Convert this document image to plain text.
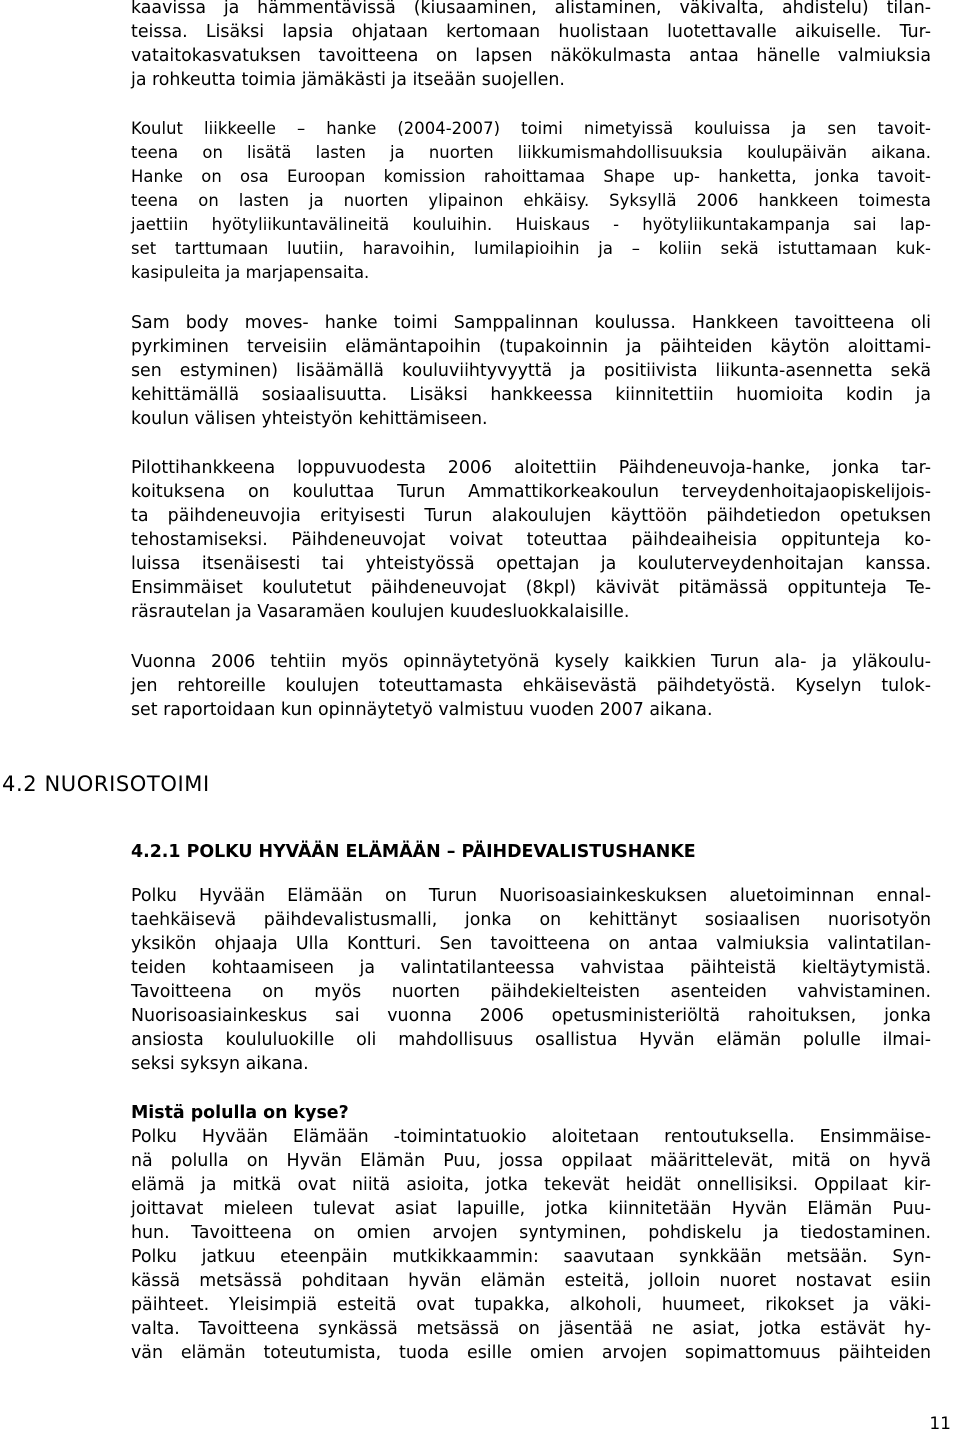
kaavissa ja hämmentävissä (kiusaaminen, alistaminen, väkivalta, ahdistelu) tilan-
teissa. Lisäksi lapsia ohjataan kertomaan huolistaan luotettavalle aikuiselle. Tur-
vataitokasvatuksen tavoitteena on lapsen näkökulmasta antaa hänelle valmiuksia
ja rohkeutta toimia jämäkästi ja itseään suojellen.
Koulut liikkeelle – hanke (2004-2007) toimi nimetyissä kouluissa ja sen tavoit-
teena on lisätä lasten ja nuorten liikkumismahdollisuuksia koulupäivän aikana.
Hanke on osa Euroopan komission rahoittamaa Shape up- hanketta, jonka tavoit-
teena on lasten ja nuorten ylipainon ehkäisy. Syksyllä 2006 hankkeen toimesta
jaettiin hyötyliikuntavälineitä kouluihin. Huiskaus - hyötyliikuntakampanja sai lap-
set tarttumaan luutiin, haravoihin, lumilapioihin ja – koliin sekä istuttamaan kuk-
kasipuleita ja marjapensaita.
Sam body moves- hanke toimi Samppalinnan koulussa. Hankkeen tavoitteena oli
pyrkiminen terveisiin elämäntapoihin (tupakoinnin ja päihteiden käytön aloittami-
sen estyminen) lisäämällä kouluviihtyvyyttä ja positiivista liikunta-asennetta sekä
kehittämällä sosiaalisuutta. Lisäksi hankkeessa kiinnitettiin huomioita kodin ja
koulun välisen yhteistyön kehittämiseen.
Pilottihankkeena loppuvuodesta 2006 aloitettiin Päihdeneuvoja-hanke, jonka tar-
koituksena on kouluttaa Turun Ammattikorkeakoulun terveydenhoitajaopiskelijois-
ta päihdeneuvojia erityisesti Turun alakoulujen käyttöön päihdetiedon opetuksen
tehostamiseksi. Päihdeneuvojat voivat toteuttaa päihdeaiheisia oppitunteja ko-
luissa itsenäisesti tai yhteistyössä opettajan ja kouluterveydenhoitajan kanssa.
Ensimmäiset koulutetut päihdeneuvojat (8kpl) kävivät pitämässä oppitunteja Te-
räsrautelan ja Vasaramäen koulujen kuudesluokkalaisille.
Vuonna 2006 tehtiin myös opinnäytetyönä kysely kaikkien Turun ala- ja yläkoulu-
jen rehtoreille koulujen toteuttamasta ehkäisevästä päihdetyöstä. Kyselyn tulok-
set raportoidaan kun opinnäytetyö valmistuu vuoden 2007 aikana.
4.2 NUORISOTOIMI
4.2.1 POLKU HYVÄÄN ELÄMÄÄN – PÄIHDEVALISTUSHANKE
Polku Hyvään Elämään on Turun Nuorisoasiainkeskuksen aluetoiminnan ennal-
taehkäisevä päihdevalistusmalli, jonka on kehittänyt sosiaalisen nuorisotyön
yksikön ohjaaja Ulla Kontturi. Sen tavoitteena on antaa valmiuksia valintatilan-
teiden kohtaamiseen ja valintatilanteessa vahvistaa päihteistä kieltäytymistä.
Tavoitteena on myös nuorten päihdekielteisten asenteiden vahvistaminen.
Nuorisoasiainkeskus sai vuonna 2006 opetusministeriöltä rahoituksen, jonka
ansiosta koululuokille oli mahdollisuus osallistua Hyvän elämän polulle ilmai-
seksi syksyn aikana.
Mistä polulla on kyse?
Polku Hyvään Elämään -toimintatuokio aloitetaan rentoutuksella. Ensimmäise-
nä polulla on Hyvän Elämän Puu, jossa oppilaat määrittelevät, mitä on hyvä
elämä ja mitkä ovat niitä asioita, jotka tekevät heidät onnellisiksi. Oppilaat kir-
joittavat mieleen tulevat asiat lapuille, jotka kiinnitetään Hyvän Elämän Puu-
hun. Tavoitteena on omien arvojen syntyminen, pohdiskelu ja tiedostaminen.
Polku jatkuu eteenpäin mutkikkaammin: saavutaan synkkään metsään. Syn-
kässä metsässä pohditaan hyvän elämän esteitä, jolloin nuoret nostavat esiin
päihteet. Yleisimpiä esteitä ovat tupakka, alkoholi, huumeet, rikokset ja väki-
valta. Tavoitteena synkässä metsässä on jäsentää ne asiat, jotka estävät hy-
vän elämän toteutumista, tuoda esille omien arvojen sopimattomuus päihteiden
11
